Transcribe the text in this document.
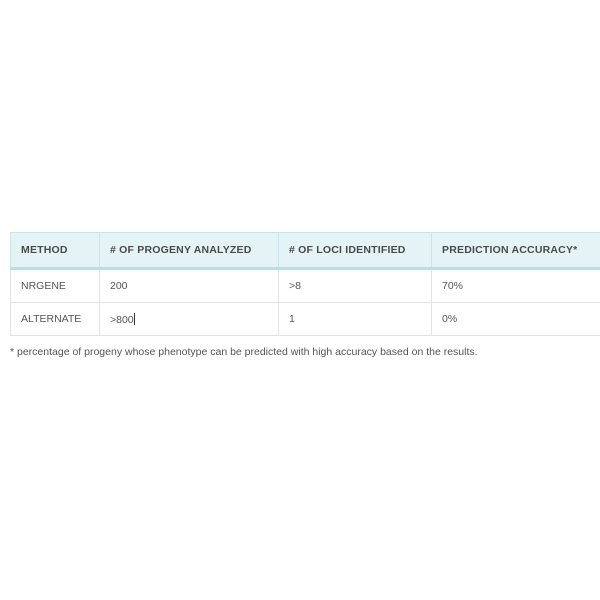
METHOD	# OF PROGENY ANALYZED	# OF LOCI IDENTIFIED	PREDICTION ACCURACY*
NRGENE	200	>8	70%
ALTERNATE	>800	1	0%
* percentage of progeny whose phenotype can be predicted with high accuracy based on the results.
